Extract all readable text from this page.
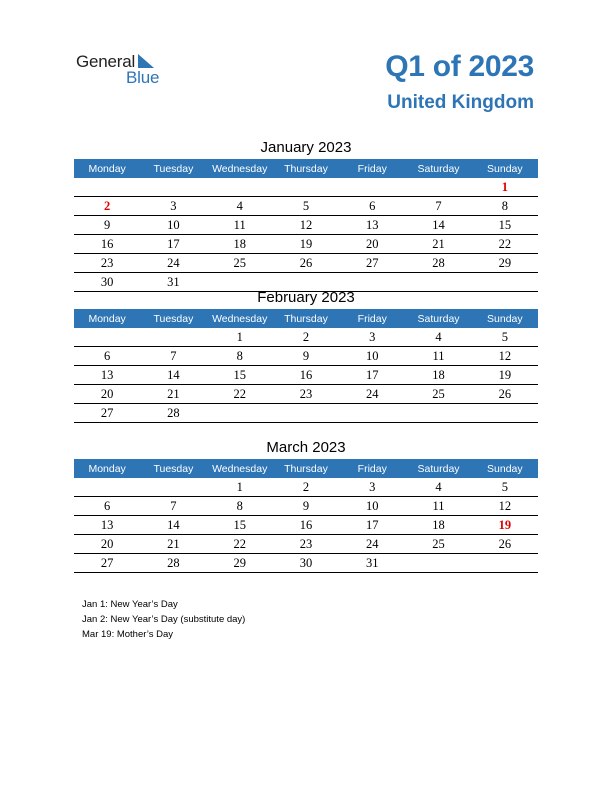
General
Blue	Q1 of 2023
United Kingdom
January 2023
Monday	Tuesday	Wednesday	Thursday	Friday	Saturday	Sunday
						1
2	3	4	5	6	7	8
9	10	11	12	13	14	15
16	17	18	19	20	21	22
23	24	25	26	27	28	29
30	31					
February 2023
Monday	Tuesday	Wednesday	Thursday	Friday	Saturday	Sunday
		1	2	3	4	5
6	7	8	9	10	11	12
13	14	15	16	17	18	19
20	21	22	23	24	25	26
27	28					
March 2023
Monday	Tuesday	Wednesday	Thursday	Friday	Saturday	Sunday
		1	2	3	4	5
6	7	8	9	10	11	12
13	14	15	16	17	18	19
20	21	22	23	24	25	26
27	28	29	30	31		
Jan 1: New Year’s Day
Jan 2: New Year’s Day (substitute day)
Mar 19: Mother’s Day
